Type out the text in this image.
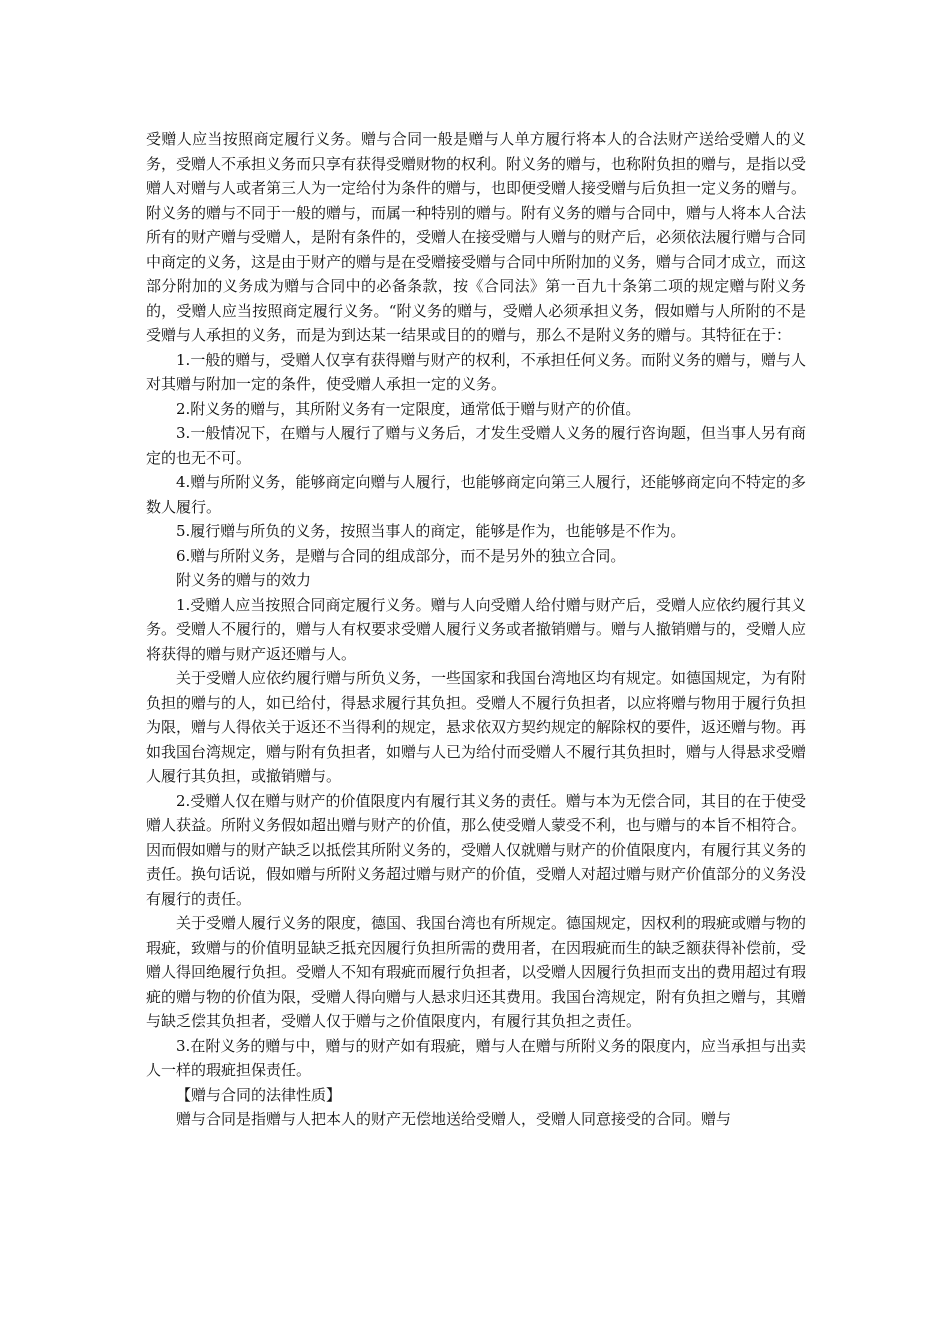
受赠人应当按照商定履行义务。赠与合同一般是赠与人单方履行将本人的合法财产送给受赠人的义务，受赠人不承担义务而只享有获得受赠财物的权利。附义务的赠与，也称附负担的赠与，是指以受赠人对赠与人或者第三人为一定给付为条件的赠与，也即便受赠人接受赠与后负担一定义务的赠与。附义务的赠与不同于一般的赠与，而属一种特别的赠与。附有义务的赠与合同中，赠与人将本人合法所有的财产赠与受赠人，是附有条件的，受赠人在接受赠与人赠与的财产后，必须依法履行赠与合同中商定的义务，这是由于财产的赠与是在受赠接受赠与合同中所附加的义务，赠与合同才成立，而这部分附加的义务成为赠与合同中的必备条款，按《合同法》第一百九十条第二项的规定赠与附义务的，受赠人应当按照商定履行义务。“附义务的赠与，受赠人必须承担义务，假如赠与人所附的不是受赠与人承担的义务，而是为到达某一结果或目的的赠与，那么不是附义务的赠与。其特征在于：

1.一般的赠与，受赠人仅享有获得赠与财产的权利，不承担任何义务。而附义务的赠与，赠与人对其赠与附加一定的条件，使受赠人承担一定的义务。

2.附义务的赠与，其所附义务有一定限度，通常低于赠与财产的价值。

3.一般情况下，在赠与人履行了赠与义务后，才发生受赠人义务的履行咨询题，但当事人另有商定的也无不可。

4.赠与所附义务，能够商定向赠与人履行，也能够商定向第三人履行，还能够商定向不特定的多数人履行。

5.履行赠与所负的义务，按照当事人的商定，能够是作为，也能够是不作为。

6.赠与所附义务，是赠与合同的组成部分，而不是另外的独立合同。

附义务的赠与的效力

1.受赠人应当按照合同商定履行义务。赠与人向受赠人给付赠与财产后，受赠人应依约履行其义务。受赠人不履行的，赠与人有权要求受赠人履行义务或者撤销赠与。赠与人撤销赠与的，受赠人应将获得的赠与财产返还赠与人。

关于受赠人应依约履行赠与所负义务，一些国家和我国台湾地区均有规定。如德国规定，为有附负担的赠与的人，如已给付，得悬求履行其负担。受赠人不履行负担者，以应将赠与物用于履行负担为限，赠与人得依关于返还不当得利的规定，悬求依双方契约规定的解除权的要件，返还赠与物。再如我国台湾规定，赠与附有负担者，如赠与人已为给付而受赠人不履行其负担时，赠与人得悬求受赠人履行其负担，或撤销赠与。

2.受赠人仅在赠与财产的价值限度内有履行其义务的责任。赠与本为无偿合同，其目的在于使受赠人获益。所附义务假如超出赠与财产的价值，那么使受赠人蒙受不利，也与赠与的本旨不相符合。因而假如赠与的财产缺乏以抵偿其所附义务的，受赠人仅就赠与财产的价值限度内，有履行其义务的责任。换句话说，假如赠与所附义务超过赠与财产的价值，受赠人对超过赠与财产价值部分的义务没有履行的责任。

关于受赠人履行义务的限度，德国、我国台湾也有所规定。德国规定，因权利的瑕疵或赠与物的瑕疵，致赠与的价值明显缺乏抵充因履行负担所需的费用者，在因瑕疵而生的缺乏额获得补偿前，受赠人得回绝履行负担。受赠人不知有瑕疵而履行负担者，以受赠人因履行负担而支出的费用超过有瑕疵的赠与物的价值为限，受赠人得向赠与人悬求归还其费用。我国台湾规定，附有负担之赠与，其赠与缺乏偿其负担者，受赠人仅于赠与之价值限度内，有履行其负担之责任。

3.在附义务的赠与中，赠与的财产如有瑕疵，赠与人在赠与所附义务的限度内，应当承担与出卖人一样的瑕疵担保责任。

【赠与合同的法律性质】

赠与合同是指赠与人把本人的财产无偿地送给受赠人，受赠人同意接受的合同。赠与
